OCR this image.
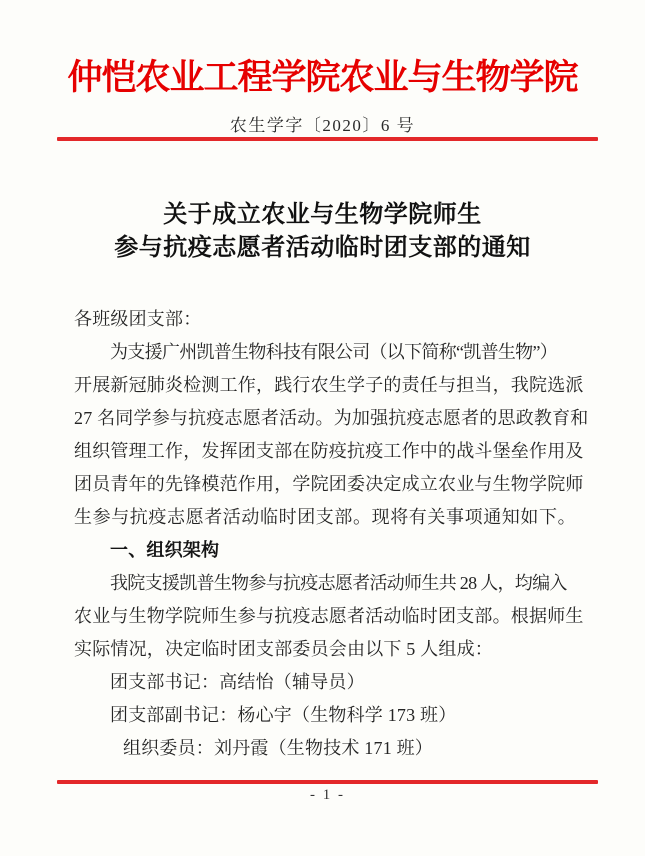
仲恺农业工程学院农业与生物学院
农生学字〔2020〕6 号
关于成立农业与生物学院师生
参与抗疫志愿者活动临时团支部的通知
各班级团支部：
为支援广州凯普生物科技有限公司（以下简称“凯普生物”）
开展新冠肺炎检测工作，践行农生学子的责任与担当，我院选派
27 名同学参与抗疫志愿者活动。为加强抗疫志愿者的思政教育和
组织管理工作，发挥团支部在防疫抗疫工作中的战斗堡垒作用及
团员青年的先锋模范作用，学院团委决定成立农业与生物学院师
生参与抗疫志愿者活动临时团支部。现将有关事项通知如下。
一、组织架构
我院支援凯普生物参与抗疫志愿者活动师生共 28 人，均编入
农业与生物学院师生参与抗疫志愿者活动临时团支部。根据师生
实际情况，决定临时团支部委员会由以下 5 人组成：
团支部书记：高结怡（辅导员）
团支部副书记：杨心宇（生物科学 173 班）
组织委员：刘丹霞（生物技术 171 班）
- 1 -
